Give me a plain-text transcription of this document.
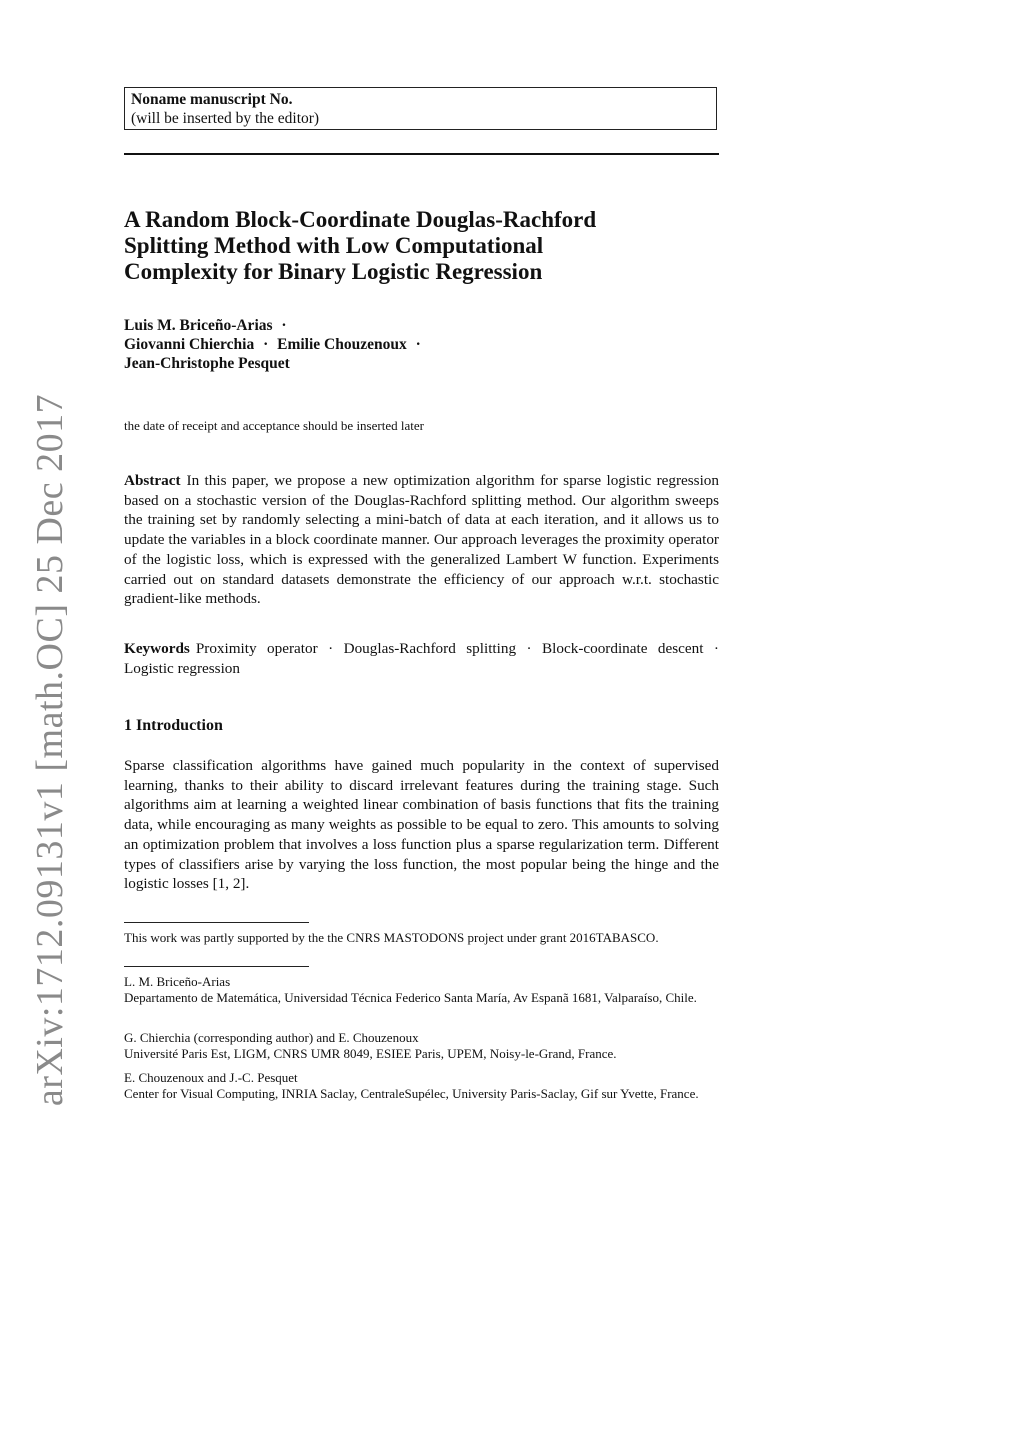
arXiv:1712.09131v1 [math.OC] 25 Dec 2017
Noname manuscript No.
(will be inserted by the editor)
A Random Block-Coordinate Douglas-Rachford
Splitting Method with Low Computational
Complexity for Binary Logistic Regression
Luis M. Briceño-Arias ·
Giovanni Chierchia · Emilie Chouzenoux ·
Jean-Christophe Pesquet
the date of receipt and acceptance should be inserted later

Abstract In this paper, we propose a new optimization algorithm for sparse logistic regression based on a stochastic version of the Douglas-Rachford splitting method. Our algorithm sweeps the training set by randomly selecting a mini-batch of data at each iteration, and it allows us to update the variables in a block coordinate manner. Our approach leverages the proximity operator of the logistic loss, which is expressed with the generalized Lambert W function. Experiments carried out on standard datasets demonstrate the efficiency of our approach w.r.t. stochastic gradient-like methods.

Keywords Proximity operator · Douglas-Rachford splitting · Block-coordinate descent · Logistic regression

1 Introduction

Sparse classification algorithms have gained much popularity in the context of supervised learning, thanks to their ability to discard irrelevant features during the training stage. Such algorithms aim at learning a weighted linear combination of basis functions that fits the training data, while encouraging as many weights as possible to be equal to zero. This amounts to solving an optimization problem that involves a loss function plus a sparse regularization term. Different types of classifiers arise by varying the loss function, the most popular being the hinge and the logistic losses [1, 2].

This work was partly supported by the the CNRS MASTODONS project under grant 2016TABASCO.

L. M. Briceño-Arias
Departamento de Matemática, Universidad Técnica Federico Santa María, Av Espanã 1681, Valparaíso, Chile.
G. Chierchia (corresponding author) and E. Chouzenoux
Université Paris Est, LIGM, CNRS UMR 8049, ESIEE Paris, UPEM, Noisy-le-Grand, France.
E. Chouzenoux and J.-C. Pesquet
Center for Visual Computing, INRIA Saclay, CentraleSupélec, University Paris-Saclay, Gif sur Yvette, France.
